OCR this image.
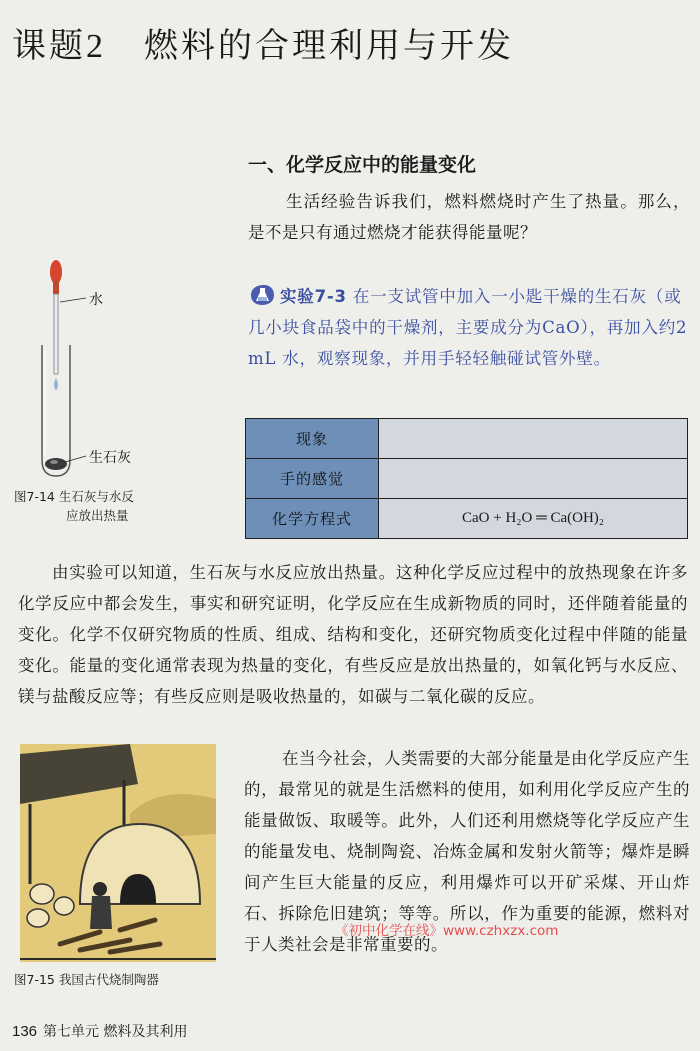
课题2 燃料的合理利用与开发
一、化学反应中的能量变化
生活经验告诉我们，燃料燃烧时产生了热量。那么，是不是只有通过燃烧才能获得能量呢？
实验7-3 在一支试管中加入一小匙干燥的生石灰（或几小块食品袋中的干燥剂，主要成分为CaO），再加入约2 mL 水，观察现象，并用手轻轻触碰试管外壁。
现象	
手的感觉	
化学方程式	CaO + H₂O ═ Ca(OH)₂
水
生石灰
图7-14 生石灰与水反
应放出热量
由实验可以知道，生石灰与水反应放出热量。这种化学反应过程中的放热现象在许多化学反应中都会发生，事实和研究证明，化学反应在生成新物质的同时，还伴随着能量的变化。化学不仅研究物质的性质、组成、结构和变化，还研究物质变化过程中伴随的能量变化。能量的变化通常表现为热量的变化，有些反应是放出热量的，如氧化钙与水反应、镁与盐酸反应等；有些反应则是吸收热量的，如碳与二氧化碳的反应。
图7-15 我国古代烧制陶器
在当今社会，人类需要的大部分能量是由化学反应产生的，最常见的就是生活燃料的使用，如利用化学反应产生的能量做饭、取暖等。此外，人们还利用燃烧等化学反应产生的能量发电、烧制陶瓷、冶炼金属和发射火箭等；爆炸是瞬间产生巨大能量的反应，利用爆炸可以开矿采煤、开山炸石、拆除危旧建筑；等等。所以，作为重要的能源，燃料对于人类社会是非常重要的。
《初中化学在线》www.czhxzx.com
136 第七单元 燃料及其利用
